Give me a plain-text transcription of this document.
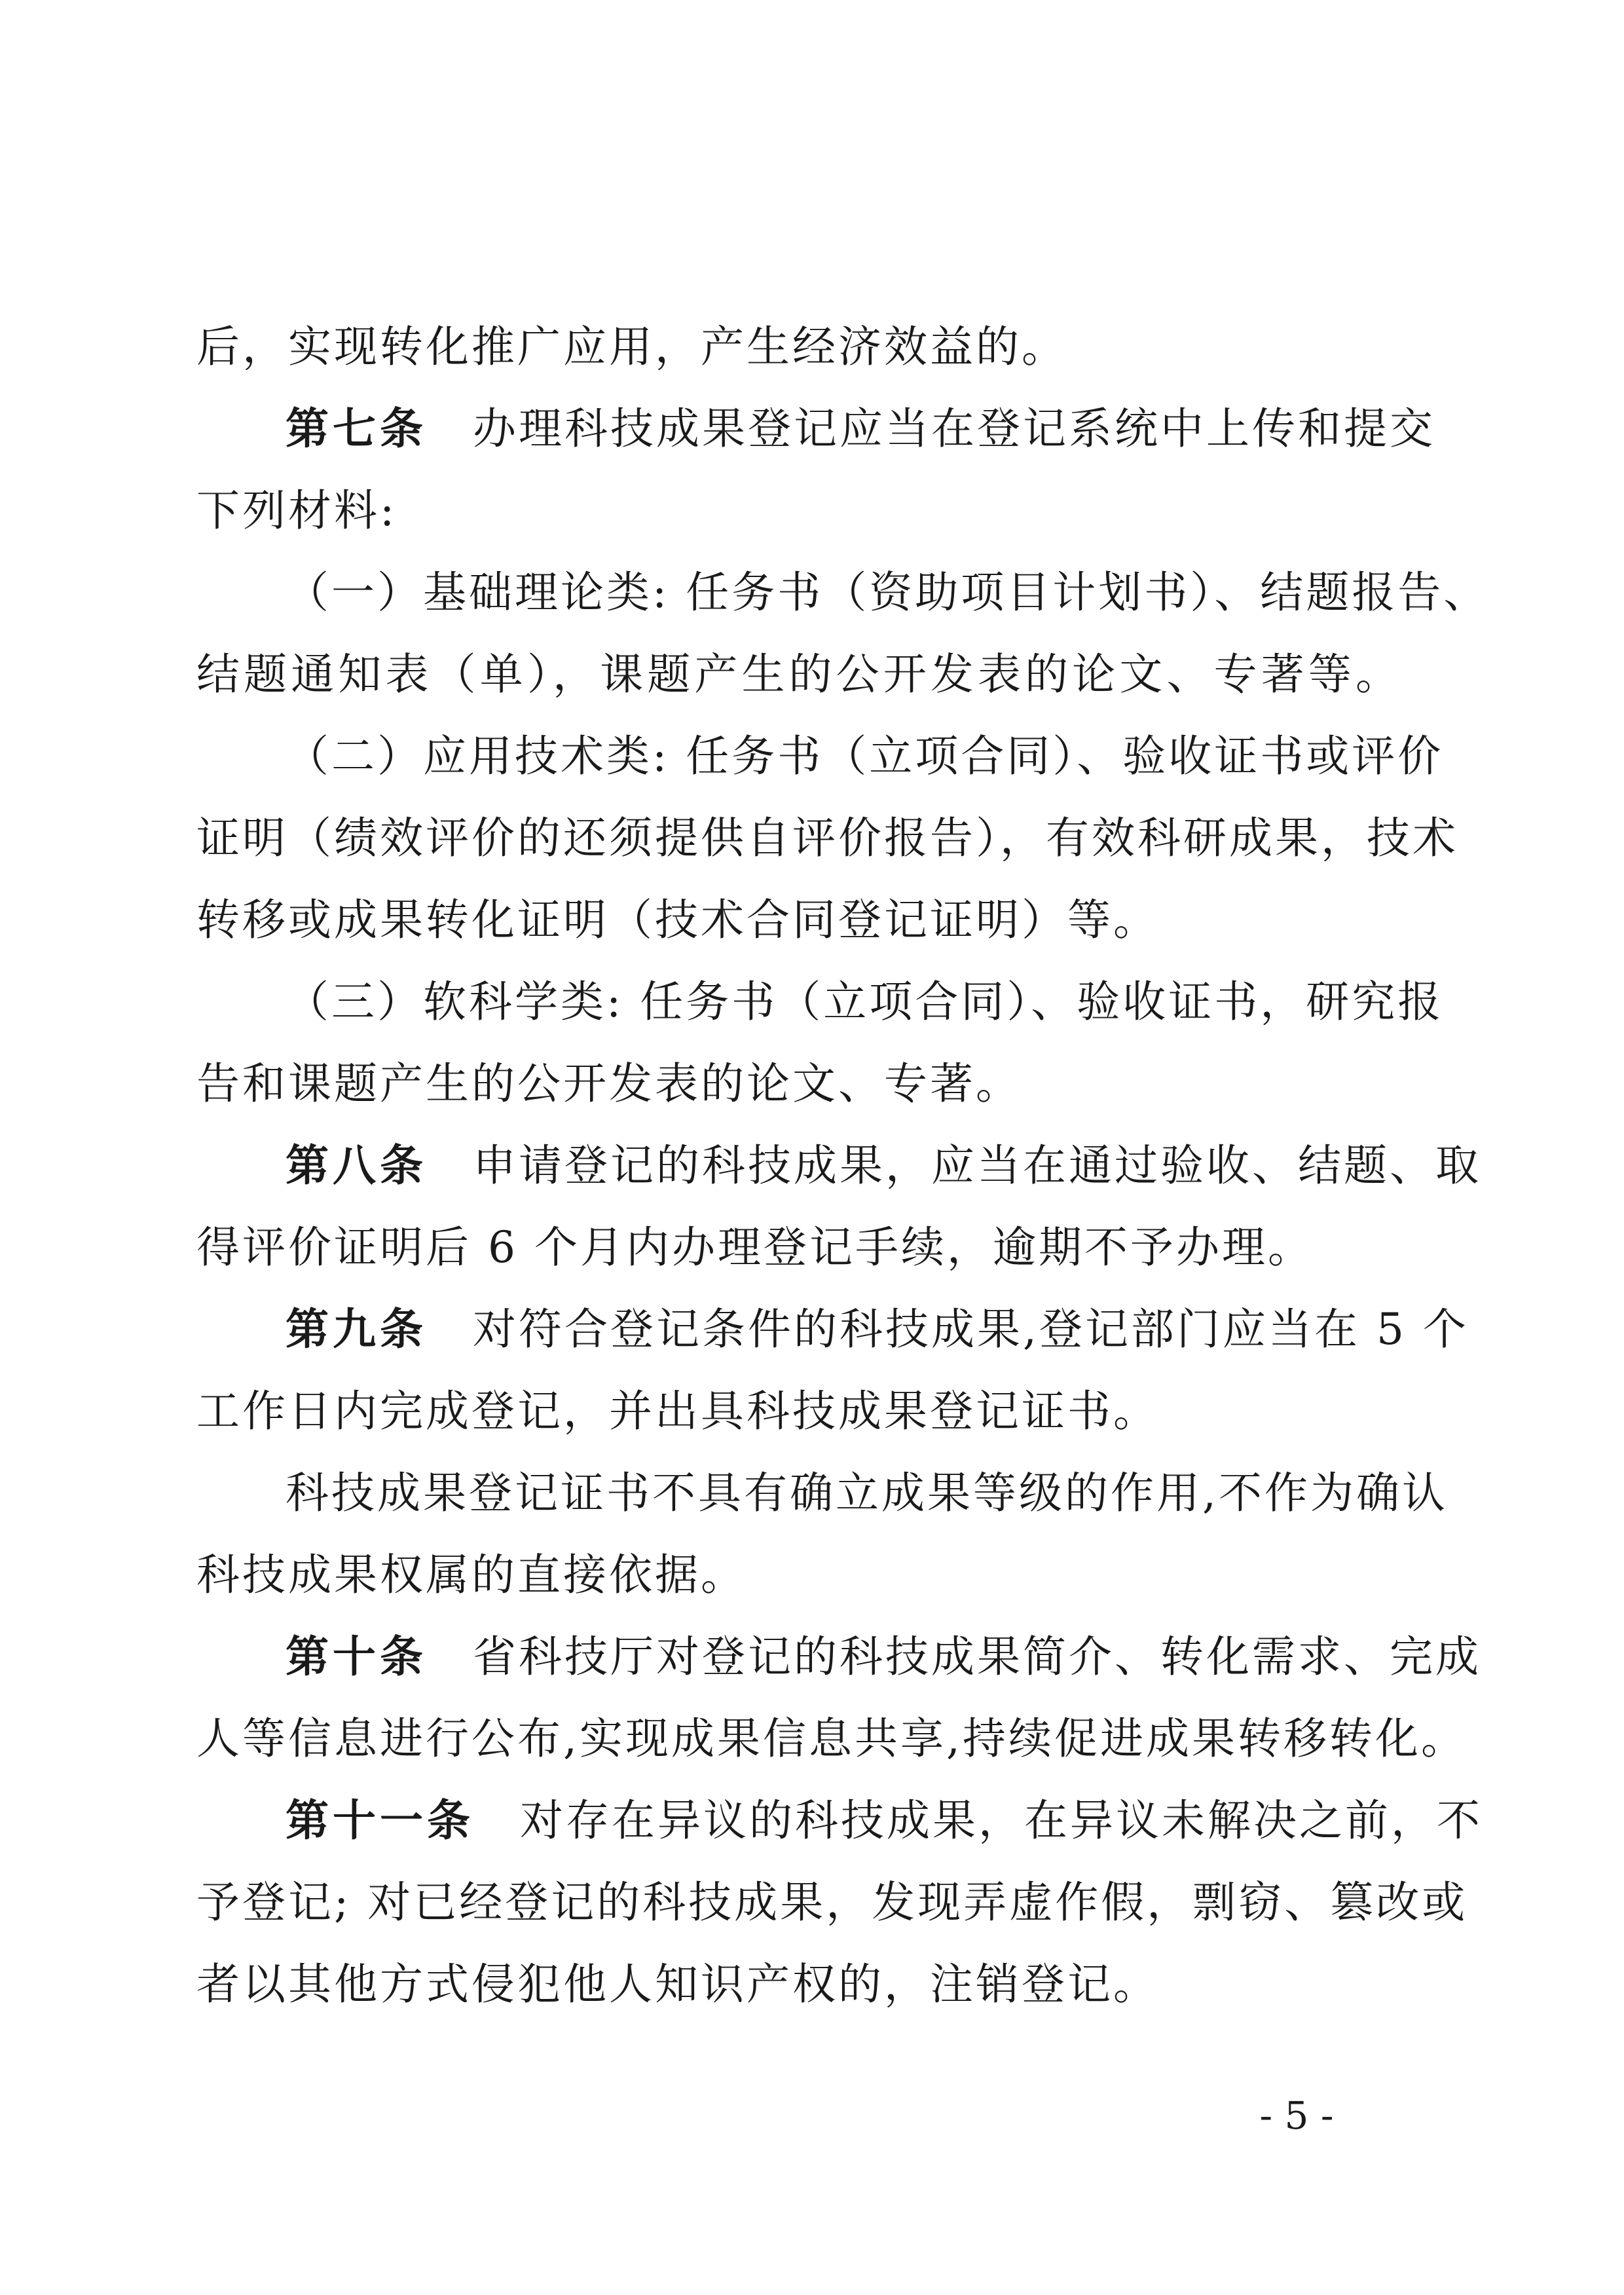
后，实现转化推广应用，产生经济效益的。
第七条 办理科技成果登记应当在登记系统中上传和提交
下列材料:
（一）基础理论类: 任务书（资助项目计划书）、结题报告、
结题通知表（单），课题产生的公开发表的论文、专著等。
（二）应用技术类: 任务书（立项合同）、验收证书或评价
证明（绩效评价的还须提供自评价报告），有效科研成果，技术
转移或成果转化证明（技术合同登记证明）等。
（三）软科学类: 任务书（立项合同）、验收证书，研究报
告和课题产生的公开发表的论文、专著。
第八条 申请登记的科技成果，应当在通过验收、结题、取
得评价证明后 6 个月内办理登记手续，逾期不予办理。
第九条 对符合登记条件的科技成果,登记部门应当在 5 个
工作日内完成登记，并出具科技成果登记证书。
科技成果登记证书不具有确立成果等级的作用,不作为确认
科技成果权属的直接依据。
第十条 省科技厅对登记的科技成果简介、转化需求、完成
人等信息进行公布,实现成果信息共享,持续促进成果转移转化。
第十一条 对存在异议的科技成果，在异议未解决之前，不
予登记; 对已经登记的科技成果，发现弄虚作假，剽窃、篡改或
者以其他方式侵犯他人知识产权的，注销登记。
- 5 -
